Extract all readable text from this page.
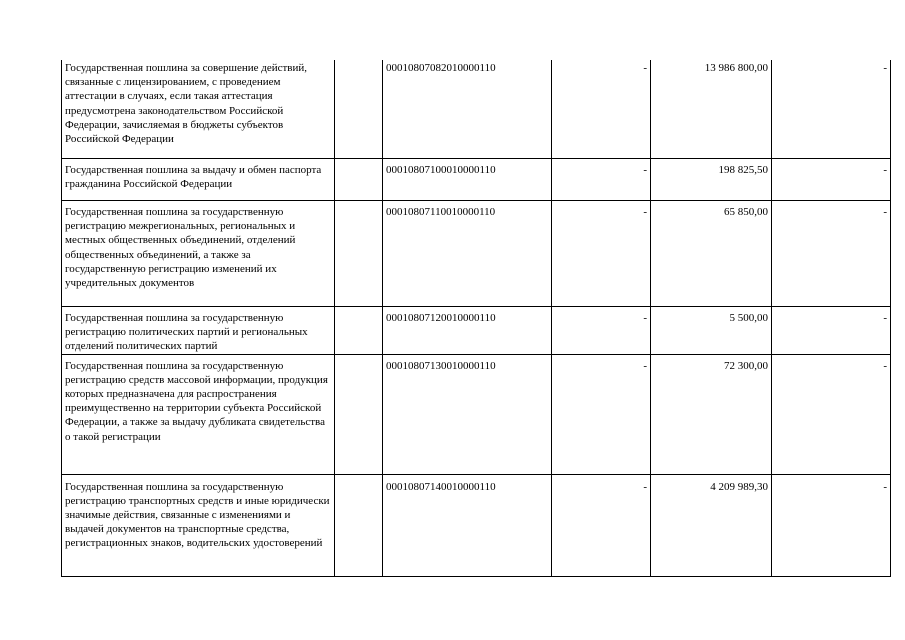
Государственная пошлина за совершение действий, связанные с лицензированием, с проведением аттестации в случаях, если такая аттестация предусмотрена законодательством Российской Федерации, зачисляемая в бюджеты субъектов Российской Федерации		00010807082010000110	-	13 986 800,00	-
Государственная пошлина за выдачу и обмен паспорта гражданина Российской Федерации		00010807100010000110	-	198 825,50	-
Государственная пошлина за государственную регистрацию межрегиональных, региональных и местных общественных объединений, отделений общественных объединений, а также за государственную регистрацию изменений их учредительных документов		00010807110010000110	-	65 850,00	-
Государственная пошлина за государственную регистрацию политических партий и региональных отделений политических партий		00010807120010000110	-	5 500,00	-
Государственная пошлина за государственную регистрацию средств массовой информации, продукция которых предназначена для распространения преимущественно на территории субъекта Российской Федерации, а также за выдачу дубликата свидетельства о такой регистрации		00010807130010000110	-	72 300,00	-
Государственная пошлина за государственную регистрацию транспортных средств и иные юридически значимые действия, связанные с изменениями и выдачей документов на транспортные средства, регистрационных знаков, водительских удостоверений		00010807140010000110	-	4 209 989,30	-
